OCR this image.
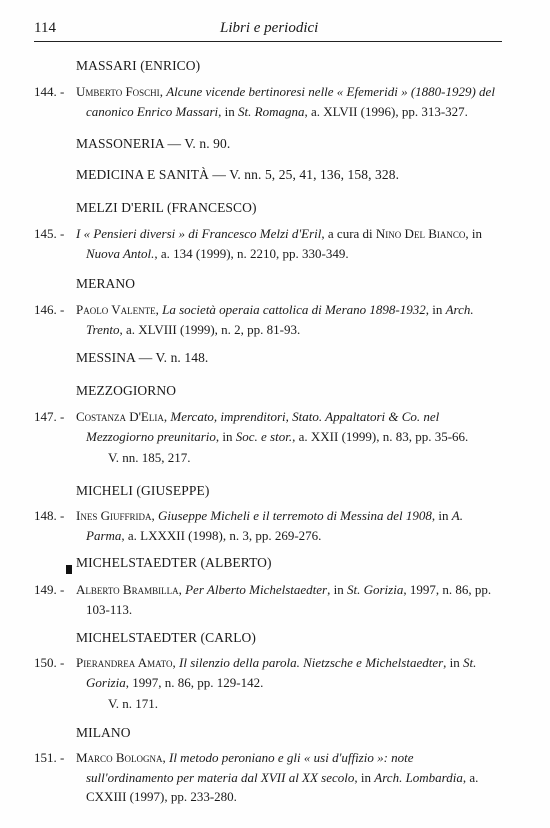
114	Libri e periodici
MASSARI (ENRICO)
144. - Umberto Foschi, Alcune vicende bertinoresi nelle « Efemeridi » (1880-1929) del canonico Enrico Massari, in St. Romagna, a. XLVII (1996), pp. 313-327.
MASSONERIA — V. n. 90.
MEDICINA E SANITÀ — V. nn. 5, 25, 41, 136, 158, 328.
MELZI D'ERIL (FRANCESCO)
145. - I « Pensieri diversi » di Francesco Melzi d'Eril, a cura di Nino Del Bianco, in Nuova Antol., a. 134 (1999), n. 2210, pp. 330-349.
MERANO
146. - Paolo Valente, La società operaia cattolica di Merano 1898-1932, in Arch. Trento, a. XLVIII (1999), n. 2, pp. 81-93.
MESSINA — V. n. 148.
MEZZOGIORNO
147. - Costanza D'Elia, Mercato, imprenditori, Stato. Appaltatori & Co. nel Mezzogiorno preunitario, in Soc. e stor., a. XXII (1999), n. 83, pp. 35-66.
V. nn. 185, 217.
MICHELI (GIUSEPPE)
148. - Ines Giuffrida, Giuseppe Micheli e il terremoto di Messina del 1908, in A. Parma, a. LXXXII (1998), n. 3, pp. 269-276.
MICHELSTAEDTER (ALBERTO)
149. - Alberto Brambilla, Per Alberto Michelstaedter, in St. Gorizia, 1997, n. 86, pp. 103-113.
MICHELSTAEDTER (CARLO)
150. - Pierandrea Amato, Il silenzio della parola. Nietzsche e Michelstaedter, in St. Gorizia, 1997, n. 86, pp. 129-142.
V. n. 171.
MILANO
151. - Marco Bologna, Il metodo peroniano e gli « usi d'uffizio »: note sull'ordinamento per materia dal XVII al XX secolo, in Arch. Lombardia, a. CXXIII (1997), pp. 233-280.
